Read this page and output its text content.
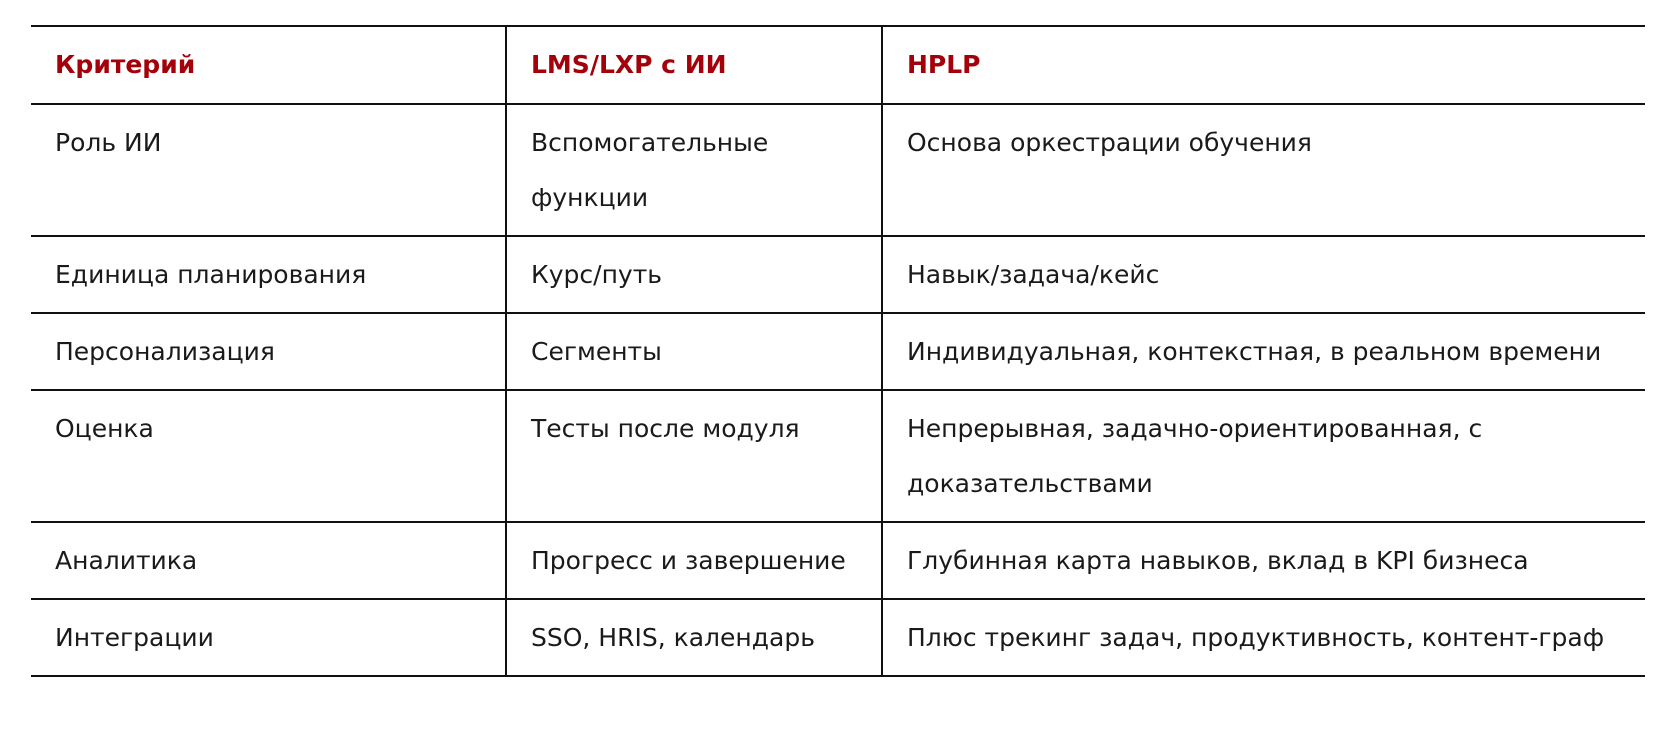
Критерий	LMS/LXP с ИИ	HPLP

Роль ИИ	Вспомогательные функции	Основа оркестрации обучения

Единица планирования	Курс/путь	Навык/задача/кейс

Персонализация	Сегменты	Индивидуальная, контекстная, в реальном времени

Оценка	Тесты после модуля	Непрерывная, задачно-ориентированная, с доказательствами

Аналитика	Прогресс и завершение	Глубинная карта навыков, вклад в KPI бизнеса

Интеграции	SSO, HRIS, календарь	Плюс трекинг задач, продуктивность, контент-граф
